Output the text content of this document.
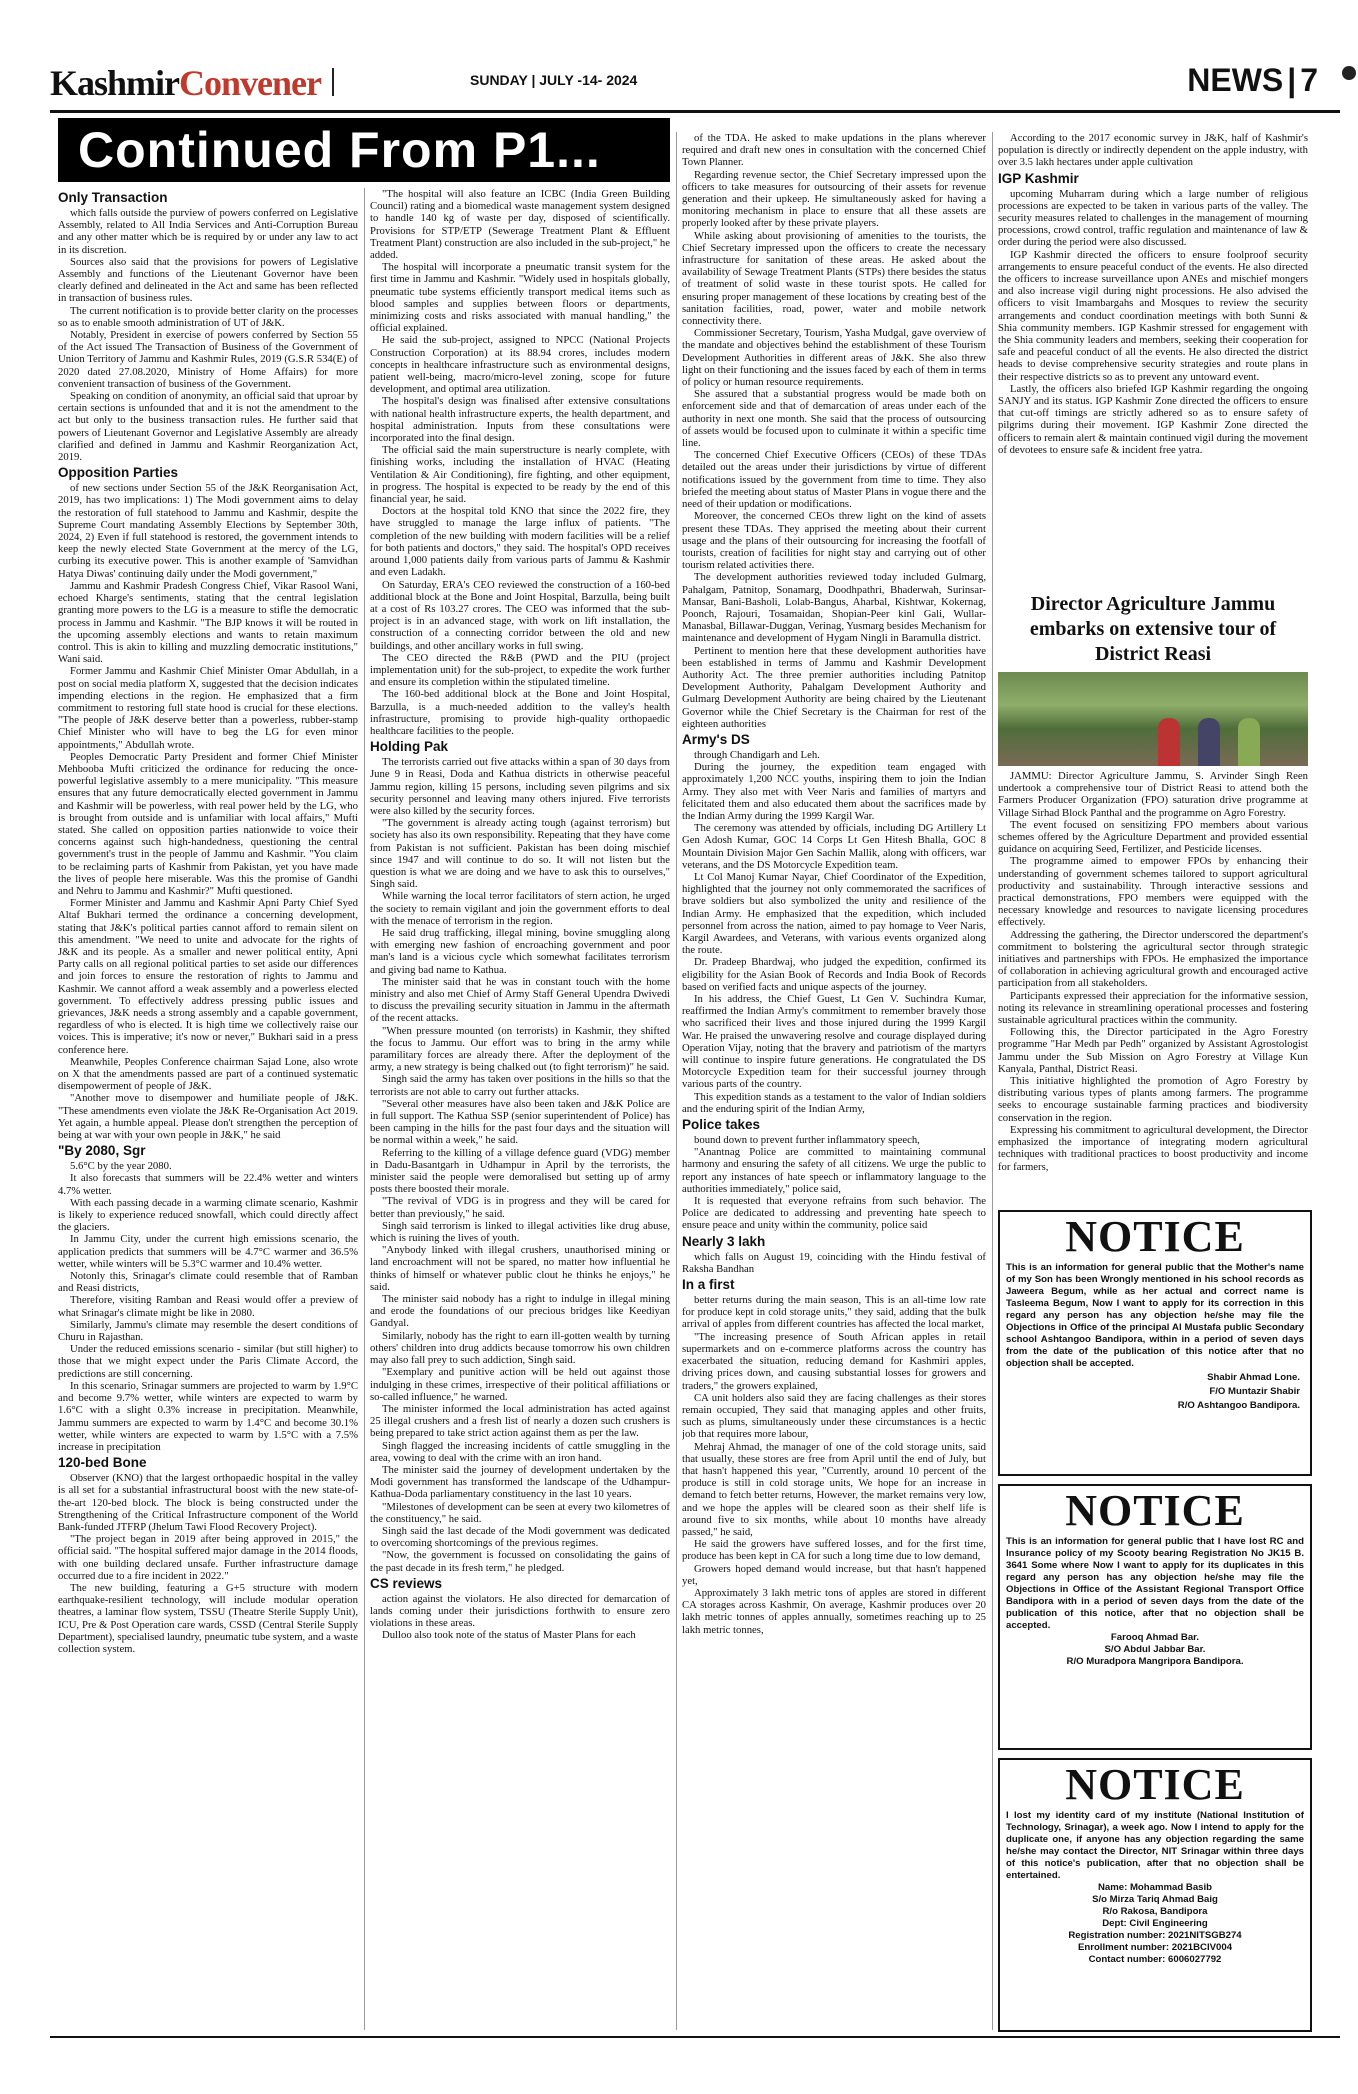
KashmirConvener	SUNDAY | JULY -14- 2024	NEWS | 7
Continued From P1...
Only Transaction

which falls outside the purview of powers conferred on Legislative Assembly, related to All India Services and Anti-Corruption Bureau and any other matter which be is required by or under any law to act in its discretion.

Sources also said that the provisions for powers of Legislative Assembly and functions of the Lieutenant Governor have been clearly defined and delineated in the Act and same has been reflected in transaction of business rules.

The current notification is to provide better clarity on the processes so as to enable smooth administration of UT of J&K.

Notably, President in exercise of powers conferred by Section 55 of the Act issued The Transaction of Business of the Government of Union Territory of Jammu and Kashmir Rules, 2019 (G.S.R 534(E) of 2020 dated 27.08.2020, Ministry of Home Affairs) for more convenient transaction of business of the Government.

Speaking on condition of anonymity, an official said that uproar by certain sections is unfounded that and it is not the amendment to the act but only to the business transaction rules. He further said that powers of Lieutenant Governor and Legislative Assembly are already clarified and defined in Jammu and Kashmir Reorganization Act, 2019.

Opposition Parties

of new sections under Section 55 of the J&K Reorganisation Act, 2019, has two implications: 1) The Modi government aims to delay the restoration of full statehood to Jammu and Kashmir, despite the Supreme Court mandating Assembly Elections by September 30th, 2024, 2) Even if full statehood is restored, the government intends to keep the newly elected State Government at the mercy of the LG, curbing its executive power. This is another example of 'Samvidhan Hatya Diwas' continuing daily under the Modi government,"

Jammu and Kashmir Pradesh Congress Chief, Vikar Rasool Wani, echoed Kharge's sentiments, stating that the central legislation granting more powers to the LG is a measure to stifle the democratic process in Jammu and Kashmir. "The BJP knows it will be routed in the upcoming assembly elections and wants to retain maximum control. This is akin to killing and muzzling democratic institutions," Wani said.

Former Jammu and Kashmir Chief Minister Omar Abdullah, in a post on social media platform X, suggested that the decision indicates impending elections in the region. He emphasized that a firm commitment to restoring full state hood is crucial for these elections. "The people of J&K deserve better than a powerless, rubber-stamp Chief Minister who will have to beg the LG for even minor appointments," Abdullah wrote.

Peoples Democratic Party President and former Chief Minister Mehbooba Mufti criticized the ordinance for reducing the once-powerful legislative assembly to a mere municipality. "This measure ensures that any future democratically elected government in Jammu and Kashmir will be powerless, with real power held by the LG, who is brought from outside and is unfamiliar with local affairs," Mufti stated. She called on opposition parties nationwide to voice their concerns against such high-handedness, questioning the central government's trust in the people of Jammu and Kashmir. "You claim to be reclaiming parts of Kashmir from Pakistan, yet you have made the lives of people here miserable. Was this the promise of Gandhi and Nehru to Jammu and Kashmir?" Mufti questioned.

Former Minister and Jammu and Kashmir Apni Party Chief Syed Altaf Bukhari termed the ordinance a concerning development, stating that J&K's political parties cannot afford to remain silent on this amendment. "We need to unite and advocate for the rights of J&K and its people. As a smaller and newer political entity, Apni Party calls on all regional political parties to set aside our differences and join forces to ensure the restoration of rights to Jammu and Kashmir. We cannot afford a weak assembly and a powerless elected government. To effectively address pressing public issues and grievances, J&K needs a strong assembly and a capable government, regardless of who is elected. It is high time we collectively raise our voices. This is imperative; it's now or never," Bukhari said in a press conference here.

Meanwhile, Peoples Conference chairman Sajad Lone, also wrote on X that the amendments passed are part of a continued systematic disempowerment of people of J&K.

"Another move to disempower and humiliate people of J&K. "These amendments even violate the J&K Re-Organisation Act 2019. Yet again, a humble appeal. Please don't strengthen the perception of being at war with your own people in J&K," he said

"By 2080, Sgr

5.6°C by the year 2080.

It also forecasts that summers will be 22.4% wetter and winters 4.7% wetter.

With each passing decade in a warming climate scenario, Kashmir is likely to experience reduced snowfall, which could directly affect the glaciers.

In Jammu City, under the current high emissions scenario, the application predicts that summers will be 4.7°C warmer and 36.5% wetter, while winters will be 5.3°C warmer and 10.4% wetter.

Notonly this, Srinagar's climate could resemble that of Ramban and Reasi districts,

Therefore, visiting Ramban and Reasi would offer a preview of what Srinagar's climate might be like in 2080.

Similarly, Jammu's climate may resemble the desert conditions of Churu in Rajasthan.

Under the reduced emissions scenario - similar (but still higher) to those that we might expect under the Paris Climate Accord, the predictions are still concerning.

In this scenario, Srinagar summers are projected to warm by 1.9°C and become 9.7% wetter, while winters are expected to warm by 1.6°C with a slight 0.3% increase in precipitation. Meanwhile, Jammu summers are expected to warm by 1.4°C and become 30.1% wetter, while winters are expected to warm by 1.5°C with a 7.5% increase in precipitation

120-bed Bone

Observer (KNO) that the largest orthopaedic hospital in the valley is all set for a substantial infrastructural boost with the new state-of-the-art 120-bed block. The block is being constructed under the Strengthening of the Critical Infrastructure component of the World Bank-funded JTFRP (Jhelum Tawi Flood Recovery Project).

"The project began in 2019 after being approved in 2015," the official said. "The hospital suffered major damage in the 2014 floods, with one building declared unsafe. Further infrastructure damage occurred due to a fire incident in 2022."

The new building, featuring a G+5 structure with modern earthquake-resilient technology, will include modular operation theatres, a laminar flow system, TSSU (Theatre Sterile Supply Unit), ICU, Pre & Post Operation care wards, CSSD (Central Sterile Supply Department), specialised laundry, pneumatic tube system, and a waste collection system.

"The hospital will also feature an ICBC (India Green Building Council) rating and a biomedical waste management system designed to handle 140 kg of waste per day, disposed of scientifically. Provisions for STP/ETP (Sewerage Treatment Plant & Effluent Treatment Plant) construction are also included in the sub-project," he added.

The hospital will incorporate a pneumatic transit system for the first time in Jammu and Kashmir. "Widely used in hospitals globally, pneumatic tube systems efficiently transport medical items such as blood samples and supplies between floors or departments, minimizing costs and risks associated with manual handling," the official explained.

He said the sub-project, assigned to NPCC (National Projects Construction Corporation) at its 88.94 crores, includes modern concepts in healthcare infrastructure such as environmental designs, patient well-being, macro/micro-level zoning, scope for future development, and optimal area utilization.

The hospital's design was finalised after extensive consultations with national health infrastructure experts, the health department, and hospital administration. Inputs from these consultations were incorporated into the final design.

The official said the main superstructure is nearly complete, with finishing works, including the installation of HVAC (Heating Ventilation & Air Conditioning), fire fighting, and other equipment, in progress. The hospital is expected to be ready by the end of this financial year, he said.

Doctors at the hospital told KNO that since the 2022 fire, they have struggled to manage the large influx of patients. "The completion of the new building with modern facilities will be a relief for both patients and doctors," they said. The hospital's OPD receives around 1,000 patients daily from various parts of Jammu & Kashmir and even Ladakh.

On Saturday, ERA's CEO reviewed the construction of a 160-bed additional block at the Bone and Joint Hospital, Barzulla, being built at a cost of Rs 103.27 crores. The CEO was informed that the sub-project is in an advanced stage, with work on lift installation, the construction of a connecting corridor between the old and new buildings, and other ancillary works in full swing.

The CEO directed the R&B (PWD and the PIU (project implementation unit) for the sub-project, to expedite the work further and ensure its completion within the stipulated timeline.

The 160-bed additional block at the Bone and Joint Hospital, Barzulla, is a much-needed addition to the valley's health infrastructure, promising to provide high-quality orthopaedic healthcare facilities to the people.

Holding Pak

The terrorists carried out five attacks within a span of 30 days from June 9 in Reasi, Doda and Kathua districts in otherwise peaceful Jammu region, killing 15 persons, including seven pilgrims and six security personnel and leaving many others injured. Five terrorists were also killed by the security forces.

"The government is already acting tough (against terrorism) but society has also its own responsibility. Repeating that they have come from Pakistan is not sufficient. Pakistan has been doing mischief since 1947 and will continue to do so. It will not listen but the question is what we are doing and we have to ask this to ourselves," Singh said.

While warning the local terror facilitators of stern action, he urged the society to remain vigilant and join the government efforts to deal with the menace of terrorism in the region.

He said drug trafficking, illegal mining, bovine smuggling along with emerging new fashion of encroaching government and poor man's land is a vicious cycle which somewhat facilitates terrorism and giving bad name to Kathua.

The minister said that he was in constant touch with the home ministry and also met Chief of Army Staff General Upendra Dwivedi to discuss the prevailing security situation in Jammu in the aftermath of the recent attacks.

"When pressure mounted (on terrorists) in Kashmir, they shifted the focus to Jammu. Our effort was to bring in the army while paramilitary forces are already there. After the deployment of the army, a new strategy is being chalked out (to fight terrorism)" he said.

Singh said the army has taken over positions in the hills so that the terrorists are not able to carry out further attacks.

"Several other measures have also been taken and J&K Police are in full support. The Kathua SSP (senior superintendent of Police) has been camping in the hills for the past four days and the situation will be normal within a week," he said.

Referring to the killing of a village defence guard (VDG) member in Dadu-Basantgarh in Udhampur in April by the terrorists, the minister said the people were demoralised but setting up of army posts there boosted their morale.

"The revival of VDG is in progress and they will be cared for better than previously," he said.

Singh said terrorism is linked to illegal activities like drug abuse, which is ruining the lives of youth.

"Anybody linked with illegal crushers, unauthorised mining or land encroachment will not be spared, no matter how influential he thinks of himself or whatever public clout he thinks he enjoys," he said.

The minister said nobody has a right to indulge in illegal mining and erode the foundations of our precious bridges like Keediyan Gandyal.

Similarly, nobody has the right to earn ill-gotten wealth by turning others' children into drug addicts because tomorrow his own children may also fall prey to such addiction, Singh said.

"Exemplary and punitive action will be held out against those indulging in these crimes, irrespective of their political affiliations or so-called influence," he warned.

The minister informed the local administration has acted against 25 illegal crushers and a fresh list of nearly a dozen such crushers is being prepared to take strict action against them as per the law.

Singh flagged the increasing incidents of cattle smuggling in the area, vowing to deal with the crime with an iron hand.

The minister said the journey of development undertaken by the Modi government has transformed the landscape of the Udhampur-Kathua-Doda parliamentary constituency in the last 10 years.

"Milestones of development can be seen at every two kilometres of the constituency," he said.

Singh said the last decade of the Modi government was dedicated to overcoming shortcomings of the previous regimes.

"Now, the government is focussed on consolidating the gains of the past decade in its fresh term," he pledged.

CS reviews

action against the violators. He also directed for demarcation of lands coming under their jurisdictions forthwith to ensure zero violations in these areas.

Dulloo also took note of the status of Master Plans for each

of the TDA. He asked to make updations in the plans wherever required and draft new ones in consultation with the concerned Chief Town Planner.

Regarding revenue sector, the Chief Secretary impressed upon the officers to take measures for outsourcing of their assets for revenue generation and their upkeep. He simultaneously asked for having a monitoring mechanism in place to ensure that all these assets are properly looked after by these private players.

While asking about provisioning of amenities to the tourists, the Chief Secretary impressed upon the officers to create the necessary infrastructure for sanitation of these areas. He asked about the availability of Sewage Treatment Plants (STPs) there besides the status of treatment of solid waste in these tourist spots. He called for ensuring proper management of these locations by creating best of the sanitation facilities, road, power, water and mobile network connectivity there.

Commissioner Secretary, Tourism, Yasha Mudgal, gave overview of the mandate and objectives behind the establishment of these Tourism Development Authorities in different areas of J&K. She also threw light on their functioning and the issues faced by each of them in terms of policy or human resource requirements.

She assured that a substantial progress would be made both on enforcement side and that of demarcation of areas under each of the authority in next one month. She said that the process of outsourcing of assets would be focused upon to culminate it within a specific time line.

The concerned Chief Executive Officers (CEOs) of these TDAs detailed out the areas under their jurisdictions by virtue of different notifications issued by the government from time to time. They also briefed the meeting about status of Master Plans in vogue there and the need of their updation or modifications.

Moreover, the concerned CEOs threw light on the kind of assets present these TDAs. They apprised the meeting about their current usage and the plans of their outsourcing for increasing the footfall of tourists, creation of facilities for night stay and carrying out of other tourism related activities there.

The development authorities reviewed today included Gulmarg, Pahalgam, Patnitop, Sonamarg, Doodhpathri, Bhaderwah, Surinsar-Mansar, Bani-Basholi, Lolab-Bangus, Aharbal, Kishtwar, Kokernag, Poonch, Rajouri, Tosamaidan, Shopian-Peer kinl Gali, Wullar-Manasbal, Billawar-Duggan, Verinag, Yusmarg besides Mechanism for maintenance and development of Hygam Ningli in Baramulla district.

Pertinent to mention here that these development authorities have been established in terms of Jammu and Kashmir Development Authority Act. The three premier authorities including Patnitop Development Authority, Pahalgam Development Authority and Gulmarg Development Authority are being chaired by the Lieutenant Governor while the Chief Secretary is the Chairman for rest of the eighteen authorities

Army's DS

through Chandigarh and Leh.

During the journey, the expedition team engaged with approximately 1,200 NCC youths, inspiring them to join the Indian Army. They also met with Veer Naris and families of martyrs and felicitated them and also educated them about the sacrifices made by the Indian Army during the 1999 Kargil War.

The ceremony was attended by officials, including DG Artillery Lt Gen Adosh Kumar, GOC 14 Corps Lt Gen Hitesh Bhalla, GOC 8 Mountain Division Major Gen Sachin Mallik, along with officers, war veterans, and the DS Motorcycle Expedition team.

Lt Col Manoj Kumar Nayar, Chief Coordinator of the Expedition, highlighted that the journey not only commemorated the sacrifices of brave soldiers but also symbolized the unity and resilience of the Indian Army. He emphasized that the expedition, which included personnel from across the nation, aimed to pay homage to Veer Naris, Kargil Awardees, and Veterans, with various events organized along the route.

Dr. Pradeep Bhardwaj, who judged the expedition, confirmed its eligibility for the Asian Book of Records and India Book of Records based on verified facts and unique aspects of the journey.

In his address, the Chief Guest, Lt Gen V. Suchindra Kumar, reaffirmed the Indian Army's commitment to remember bravely those who sacrificed their lives and those injured during the 1999 Kargil War. He praised the unwavering resolve and courage displayed during Operation Vijay, noting that the bravery and patriotism of the martyrs will continue to inspire future generations. He congratulated the DS Motorcycle Expedition team for their successful journey through various parts of the country.

This expedition stands as a testament to the valor of Indian soldiers and the enduring spirit of the Indian Army,

Police takes

bound down to prevent further inflammatory speech,

"Anantnag Police are committed to maintaining communal harmony and ensuring the safety of all citizens. We urge the public to report any instances of hate speech or inflammatory language to the authorities immediately," police said,

It is requested that everyone refrains from such behavior. The Police are dedicated to addressing and preventing hate speech to ensure peace and unity within the community, police said

Nearly 3 lakh

which falls on August 19, coinciding with the Hindu festival of Raksha Bandhan

In a first

better returns during the main season, This is an all-time low rate for produce kept in cold storage units," they said, adding that the bulk arrival of apples from different countries has affected the local market,

"The increasing presence of South African apples in retail supermarkets and on e-commerce platforms across the country has exacerbated the situation, reducing demand for Kashmiri apples, driving prices down, and causing substantial losses for growers and traders," the growers explained,

CA unit holders also said they are facing challenges as their stores remain occupied, They said that managing apples and other fruits, such as plums, simultaneously under these circumstances is a hectic job that requires more labour,

Mehraj Ahmad, the manager of one of the cold storage units, said that usually, these stores are free from April until the end of July, but that hasn't happened this year, "Currently, around 10 percent of the produce is still in cold storage units, We hope for an increase in demand to fetch better returns, However, the market remains very low, and we hope the apples will be cleared soon as their shelf life is around five to six months, while about 10 months have already passed," he said,

He said the growers have suffered losses, and for the first time, produce has been kept in CA for such a long time due to low demand,

Growers hoped demand would increase, but that hasn't happened yet,

Approximately 3 lakh metric tons of apples are stored in different CA storages across Kashmir, On average, Kashmir produces over 20 lakh metric tonnes of apples annually, sometimes reaching up to 25 lakh metric tonnes,

According to the 2017 economic survey in J&K, half of Kashmir's population is directly or indirectly dependent on the apple industry, with over 3.5 lakh hectares under apple cultivation

IGP Kashmir

upcoming Muharram during which a large number of religious processions are expected to be taken in various parts of the valley. The security measures related to challenges in the management of mourning processions, crowd control, traffic regulation and maintenance of law & order during the period were also discussed.

IGP Kashmir directed the officers to ensure foolproof security arrangements to ensure peaceful conduct of the events. He also directed the officers to increase surveillance upon ANEs and mischief mongers and also increase vigil during night processions. He also advised the officers to visit Imambargahs and Mosques to review the security arrangements and conduct coordination meetings with both Sunni & Shia community members. IGP Kashmir stressed for engagement with the Shia community leaders and members, seeking their cooperation for safe and peaceful conduct of all the events. He also directed the district heads to devise comprehensive security strategies and route plans in their respective districts so as to prevent any untoward event.

Lastly, the officers also briefed IGP Kashmir regarding the ongoing SANJY and its status. IGP Kashmir Zone directed the officers to ensure that cut-off timings are strictly adhered so as to ensure safety of pilgrims during their movement. IGP Kashmir Zone directed the officers to remain alert & maintain continued vigil during the movement of devotees to ensure safe & incident free yatra.

Director Agriculture Jammu embarks on extensive tour of District Reasi

JAMMU: Director Agriculture Jammu, S. Arvinder Singh Reen undertook a comprehensive tour of District Reasi to attend both the Farmers Producer Organization (FPO) saturation drive programme at Village Sirhad Block Panthal and the programme on Agro Forestry.

The event focused on sensitizing FPO members about various schemes offered by the Agriculture Department and provided essential guidance on acquiring Seed, Fertilizer, and Pesticide licenses.

The programme aimed to empower FPOs by enhancing their understanding of government schemes tailored to support agricultural productivity and sustainability. Through interactive sessions and practical demonstrations, FPO members were equipped with the necessary knowledge and resources to navigate licensing procedures effectively.

Addressing the gathering, the Director underscored the department's commitment to bolstering the agricultural sector through strategic initiatives and partnerships with FPOs. He emphasized the importance of collaboration in achieving agricultural growth and encouraged active participation from all stakeholders.

Participants expressed their appreciation for the informative session, noting its relevance in streamlining operational processes and fostering sustainable agricultural practices within the community.

Following this, the Director participated in the Agro Forestry programme "Har Medh par Pedh" organized by Assistant Agrostologist Jammu under the Sub Mission on Agro Forestry at Village Kun Kanyala, Panthal, District Reasi.

This initiative highlighted the promotion of Agro Forestry by distributing various types of plants among farmers. The programme seeks to encourage sustainable farming practices and biodiversity conservation in the region.

Expressing his commitment to agricultural development, the Director emphasized the importance of integrating modern agricultural techniques with traditional practices to boost productivity and income for farmers,

NOTICE
This is an information for general public that the Mother's name of my Son has been Wrongly mentioned in his school records as Jaweera Begum, while as her actual and correct name is Tasleema Begum, Now I want to apply for its correction in this regard any person has any objection he/she may file the Objections in Office of the principal Al Mustafa public Secondary school Ashtangoo Bandipora, within in a period of seven days from the date of the publication of this notice after that no objection shall be accepted.
Shabir Ahmad Lone.
F/O Muntazir Shabir
R/O Ashtangoo Bandipora.
NOTICE
This is an information for general public that I have lost RC and Insurance policy of my Scooty bearing Registration No JK15 B. 3641 Some where Now I want to apply for its duplicates in this regard any person has any objection he/she may file the Objections in Office of the Assistant Regional Transport Office Bandipora with in a period of seven days from the date of the publication of this notice, after that no objection shall be accepted.
Farooq Ahmad Bar.
S/O Abdul Jabbar Bar.
R/O Muradpora Mangripora Bandipora.
NOTICE
I lost my identity card of my institute (National Institution of Technology, Srinagar), a week ago. Now I intend to apply for the duplicate one, if anyone has any objection regarding the same he/she may contact the Director, NIT Srinagar within three days of this notice's publication, after that no objection shall be entertained.
Name: Mohammad Basib
S/o Mirza Tariq Ahmad Baig
R/o Rakosa, Bandipora
Dept: Civil Engineering
Registration number: 2021NITSGB274
Enrollment number: 2021BCIV004
Contact number: 6006027792
